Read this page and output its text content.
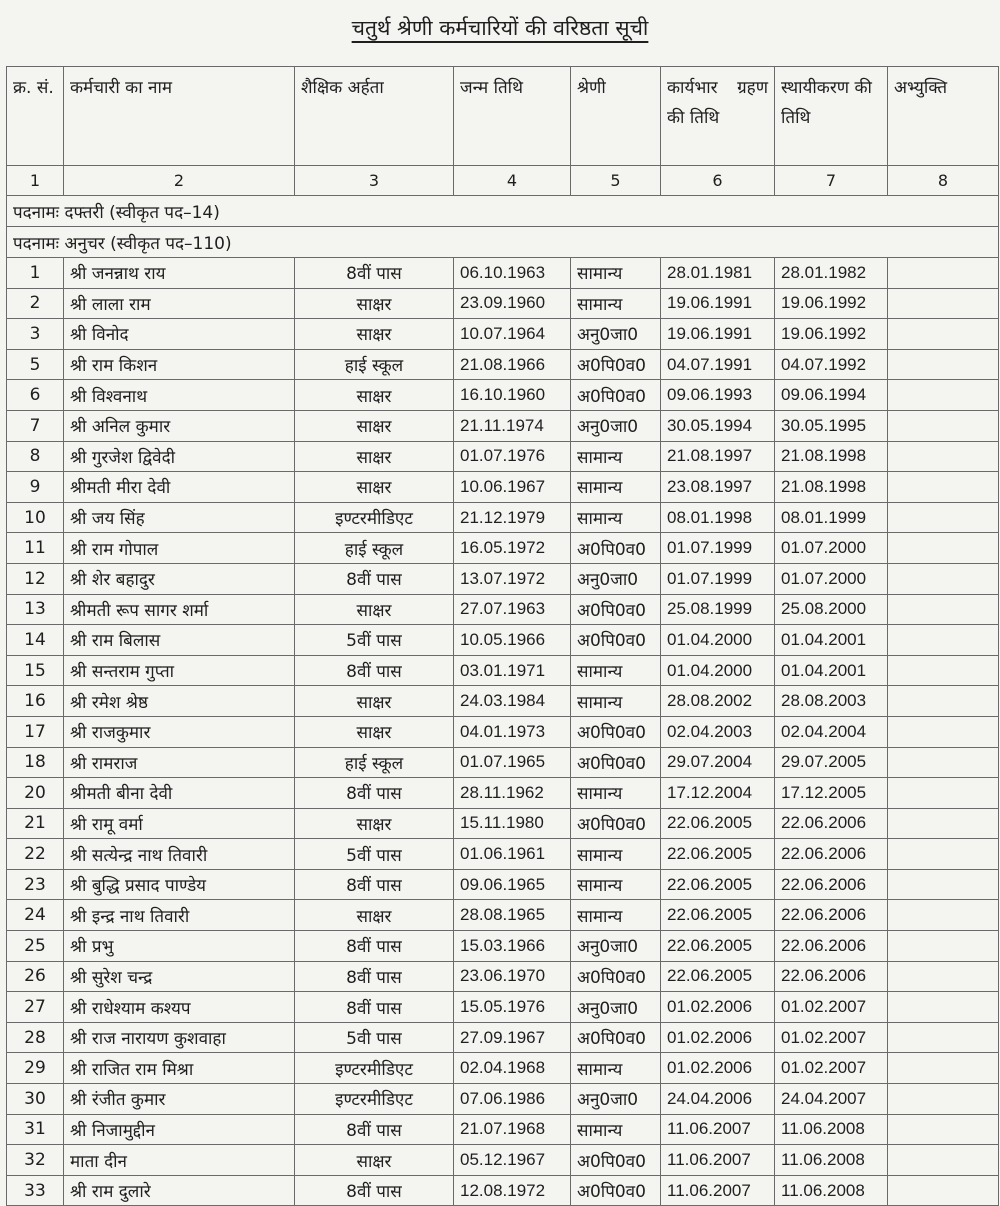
चतुर्थ श्रेणी कर्मचारियों की वरिष्ठता सूची
क्र. सं.	कर्मचारी का नाम	शैक्षिक अर्हता	जन्म तिथि	श्रेणी	कार्यभार ग्रहण की तिथि	स्थायीकरण की तिथि	अभ्युक्ति
1	2	3	4	5	6	7	8
पदनामः दफ्तरी (स्वीकृत पद–14)							
पदनामः अनुचर (स्वीकृत पद–110)							
1	श्री जनन्नाथ राय	8वीं पास	06.10.1963	सामान्य	28.01.1981	28.01.1982	
2	श्री लाला राम	साक्षर	23.09.1960	सामान्य	19.06.1991	19.06.1992	
3	श्री विनोद	साक्षर	10.07.1964	अनु0जा0	19.06.1991	19.06.1992	
5	श्री राम किशन	हाई स्कूल	21.08.1966	अ0पि0व0	04.07.1991	04.07.1992	
6	श्री विश्वनाथ	साक्षर	16.10.1960	अ0पि0व0	09.06.1993	09.06.1994	
7	श्री अनिल कुमार	साक्षर	21.11.1974	अनु0जा0	30.05.1994	30.05.1995	
8	श्री गुरजेश द्विवेदी	साक्षर	01.07.1976	सामान्य	21.08.1997	21.08.1998	
9	श्रीमती मीरा देवी	साक्षर	10.06.1967	सामान्य	23.08.1997	21.08.1998	
10	श्री जय सिंह	इण्टरमीडिएट	21.12.1979	सामान्य	08.01.1998	08.01.1999	
11	श्री राम गोपाल	हाई स्कूल	16.05.1972	अ0पि0व0	01.07.1999	01.07.2000	
12	श्री शेर बहादुर	8वीं पास	13.07.1972	अनु0जा0	01.07.1999	01.07.2000	
13	श्रीमती रूप सागर शर्मा	साक्षर	27.07.1963	अ0पि0व0	25.08.1999	25.08.2000	
14	श्री राम बिलास	5वीं पास	10.05.1966	अ0पि0व0	01.04.2000	01.04.2001	
15	श्री सन्तराम गुप्ता	8वीं पास	03.01.1971	सामान्य	01.04.2000	01.04.2001	
16	श्री रमेश श्रेष्ठ	साक्षर	24.03.1984	सामान्य	28.08.2002	28.08.2003	
17	श्री राजकुमार	साक्षर	04.01.1973	अ0पि0व0	02.04.2003	02.04.2004	
18	श्री रामराज	हाई स्कूल	01.07.1965	अ0पि0व0	29.07.2004	29.07.2005	
20	श्रीमती बीना देवी	8वीं पास	28.11.1962	सामान्य	17.12.2004	17.12.2005	
21	श्री रामू वर्मा	साक्षर	15.11.1980	अ0पि0व0	22.06.2005	22.06.2006	
22	श्री सत्येन्द्र नाथ तिवारी	5वीं पास	01.06.1961	सामान्य	22.06.2005	22.06.2006	
23	श्री बुद्धि प्रसाद पाण्डेय	8वीं पास	09.06.1965	सामान्य	22.06.2005	22.06.2006	
24	श्री इन्द्र नाथ तिवारी	साक्षर	28.08.1965	सामान्य	22.06.2005	22.06.2006	
25	श्री प्रभु	8वीं पास	15.03.1966	अनु0जा0	22.06.2005	22.06.2006	
26	श्री सुरेश चन्द्र	8वीं पास	23.06.1970	अ0पि0व0	22.06.2005	22.06.2006	
27	श्री राधेश्याम कश्यप	8वीं पास	15.05.1976	अनु0जा0	01.02.2006	01.02.2007	
28	श्री राज नारायण कुशवाहा	5वी पास	27.09.1967	अ0पि0व0	01.02.2006	01.02.2007	
29	श्री राजित राम मिश्रा	इण्टरमीडिएट	02.04.1968	सामान्य	01.02.2006	01.02.2007	
30	श्री रंजीत कुमार	इण्टरमीडिएट	07.06.1986	अनु0जा0	24.04.2006	24.04.2007	
31	श्री निजामुद्दीन	8वीं पास	21.07.1968	सामान्य	11.06.2007	11.06.2008	
32	माता दीन	साक्षर	05.12.1967	अ0पि0व0	11.06.2007	11.06.2008	
33	श्री राम दुलारे	8वीं पास	12.08.1972	अ0पि0व0	11.06.2007	11.06.2008	
